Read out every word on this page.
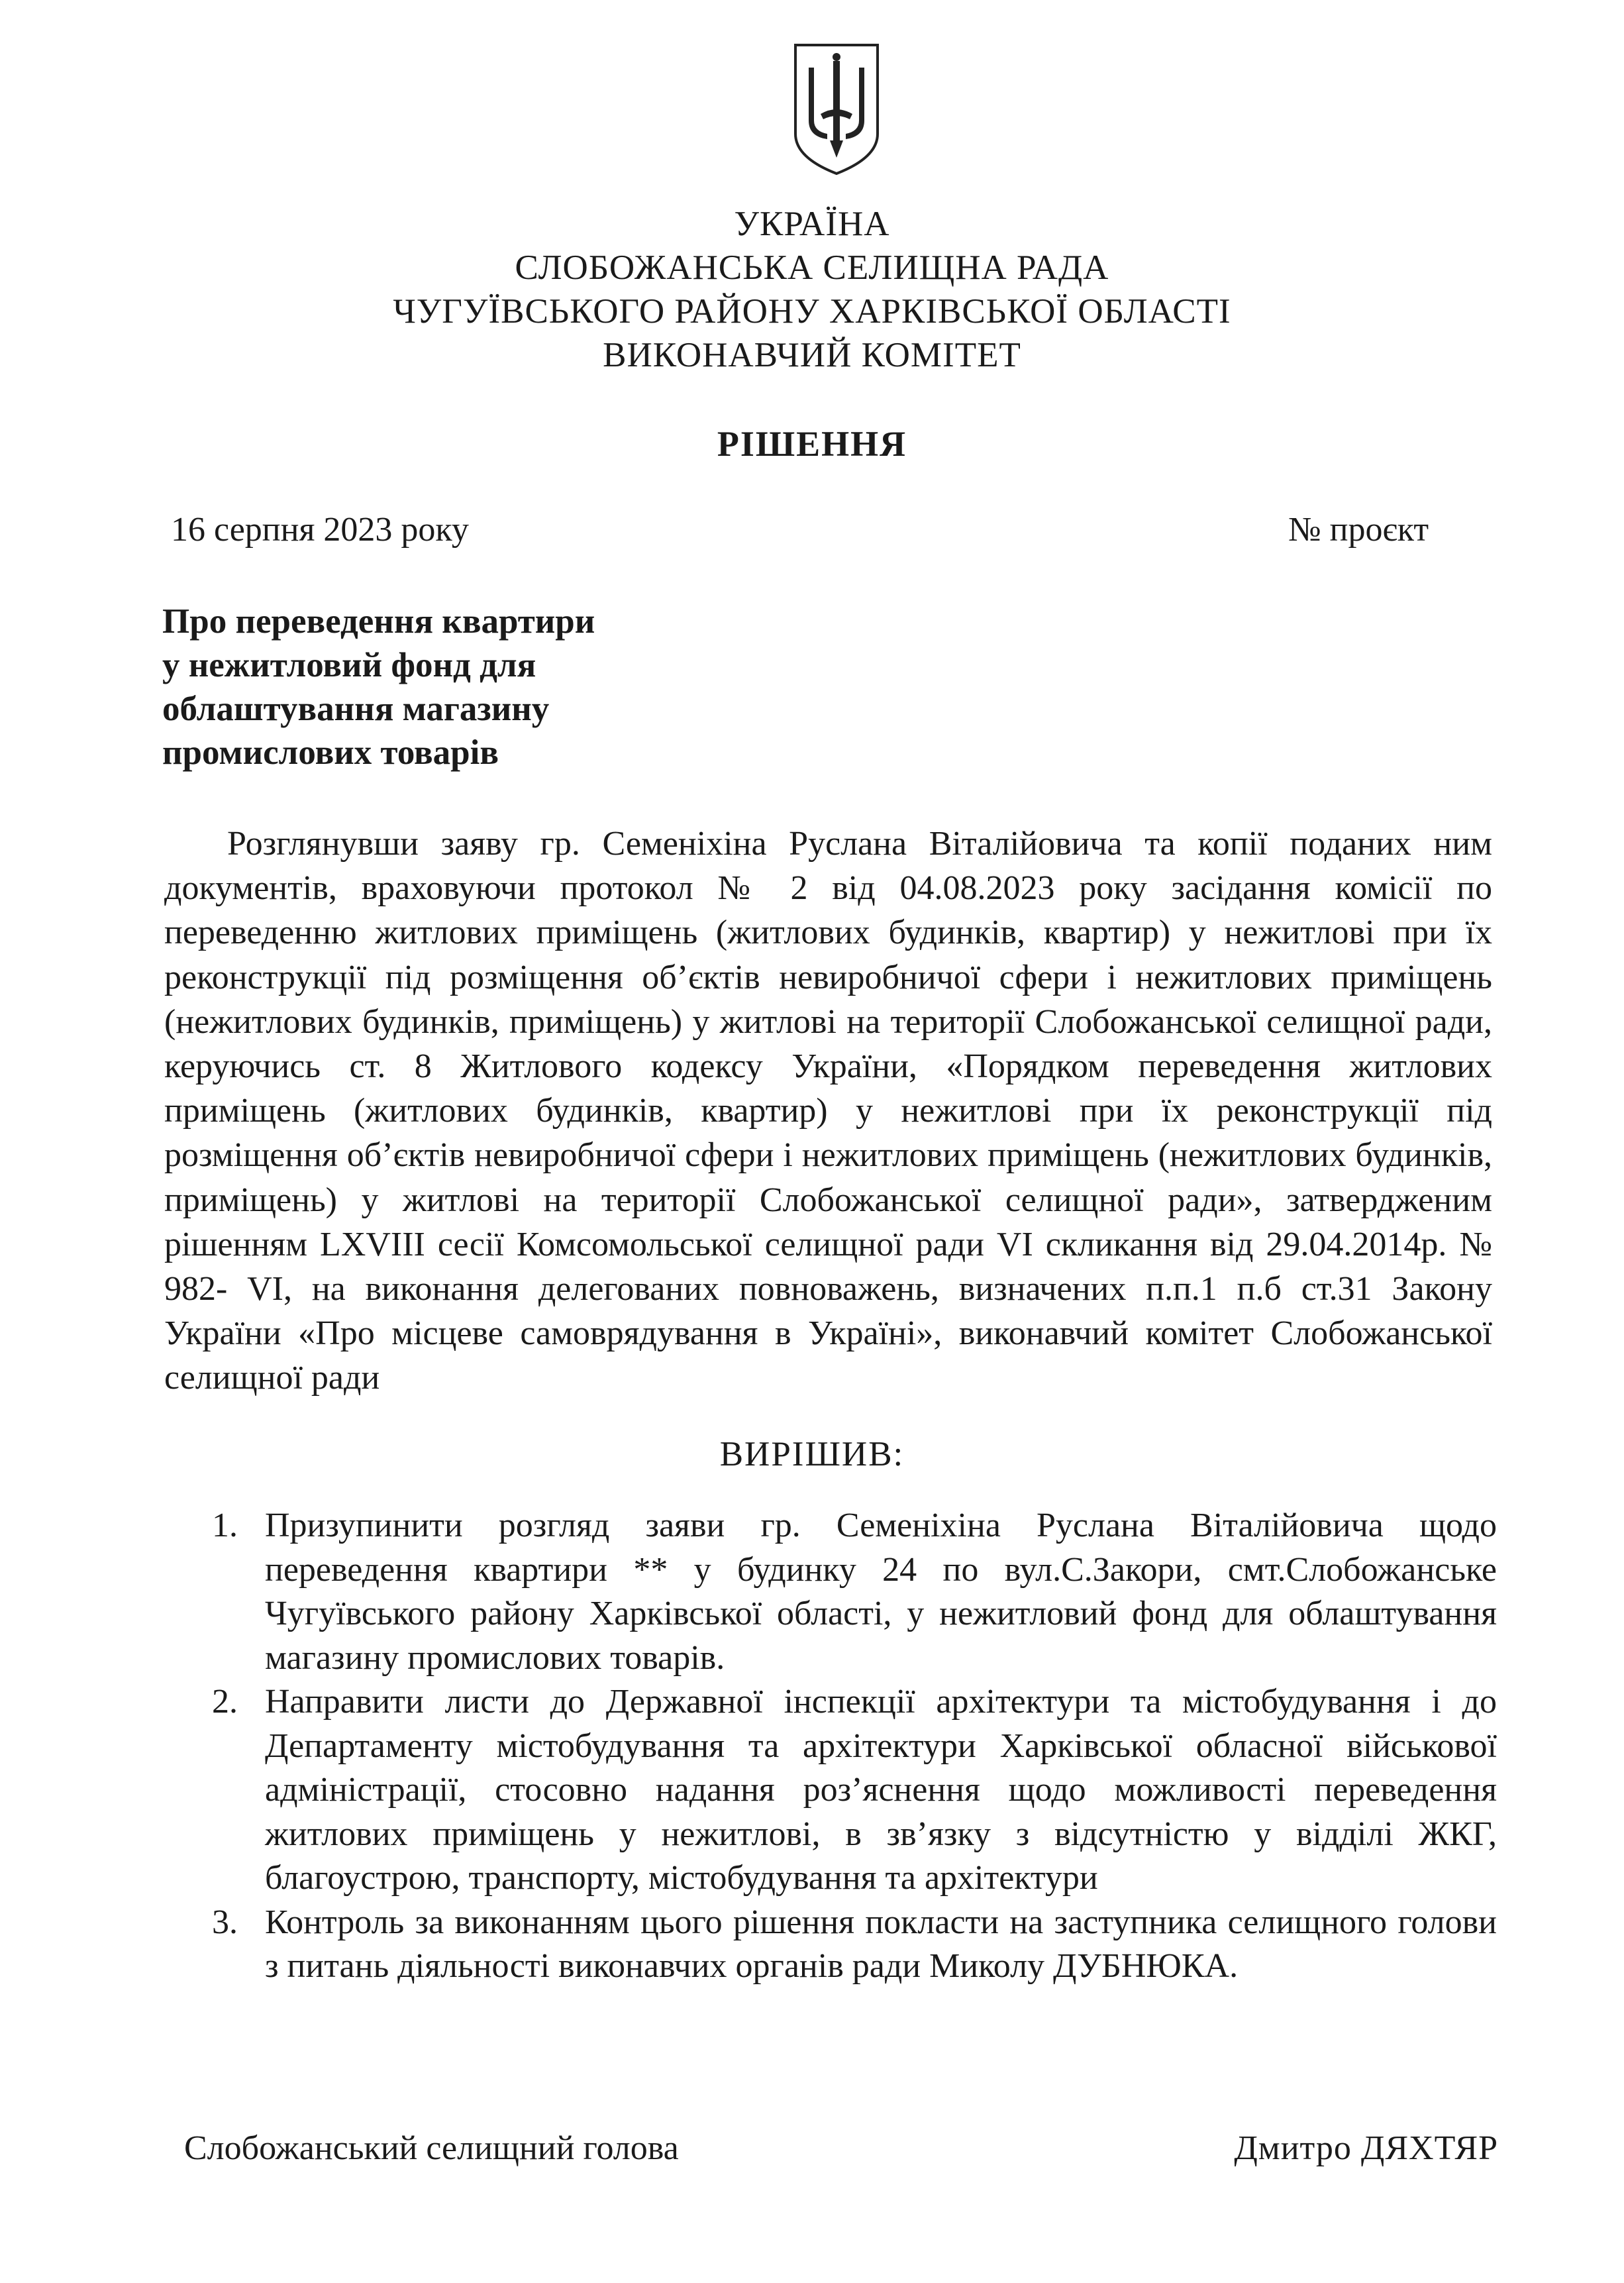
УКРАЇНА
СЛОБОЖАНСЬКА СЕЛИЩНА РАДА
ЧУГУЇВСЬКОГО РАЙОНУ ХАРКІВСЬКОЇ ОБЛАСТІ
ВИКОНАВЧИЙ КОМІТЕТ
РІШЕННЯ
16 серпня 2023 року	№ проєкт
Про переведення квартири
у нежитловий фонд для
облаштування магазину
промислових товарів
Розглянувши заяву гр. Семеніхіна Руслана Віталійовича та копії поданих ним документів, враховуючи протокол № 2 від 04.08.2023 року засідання комісії по переведенню житлових приміщень (житлових будинків, квартир) у нежитлові при їх реконструкції під розміщення об’єктів невиробничої сфери і нежитлових приміщень (нежитлових будинків, приміщень) у житлові на території Слобожанської селищної ради, керуючись ст. 8 Житлового кодексу України, «Порядком переведення житлових приміщень (житлових будинків, квартир) у нежитлові при їх реконструкції під розміщення об’єктів невиробничої сфери і нежитлових приміщень (нежитлових будинків, приміщень) у житлові на території Слобожанської селищної ради», затвердженим рішенням LXVIII сесії Комсомольської селищної ради VI скликання від 29.04.2014р. № 982- VI, на виконання делегованих повноважень, визначених п.п.1 п.б ст.31 Закону України «Про місцеве самоврядування в Україні», виконавчий комітет Слобожанської селищної ради
ВИРІШИВ:
1. Призупинити розгляд заяви гр. Семеніхіна Руслана Віталійовича щодо переведення квартири ** у будинку 24 по вул.С.Закори, смт.Слобожанське Чугуївського району Харківської області, у нежитловий фонд для облаштування магазину промислових товарів.
2. Направити листи до Державної інспекції архітектури та містобудування і до Департаменту містобудування та архітектури Харківської обласної військової адміністрації, стосовно надання роз’яснення щодо можливості переведення житлових приміщень у нежитлові, в зв’язку з відсутністю у відділі ЖКГ, благоустрою, транспорту, містобудування та архітектури
3. Контроль за виконанням цього рішення покласти на заступника селищного голови з питань діяльності виконавчих органів ради Миколу ДУБНЮКА.
Слобожанський селищний голова	Дмитро ДЯХТЯР
